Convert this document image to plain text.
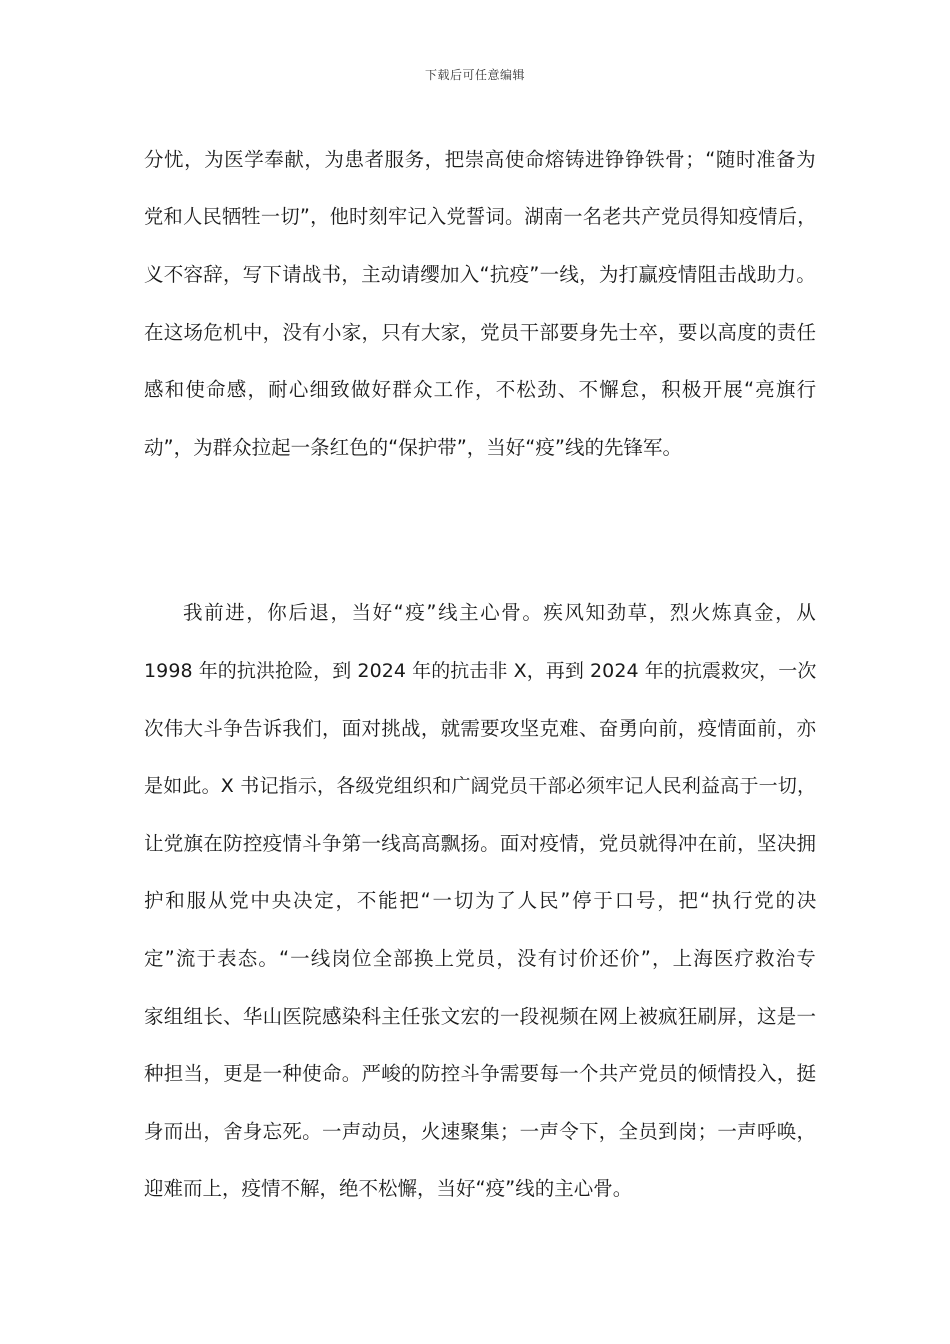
下载后可任意编辑
分忧，为医学奉献，为患者服务，把崇高使命熔铸进铮铮铁骨；“随时准备为
党和人民牺牲一切”，他时刻牢记入党誓词。湖南一名老共产党员得知疫情后，
义不容辞，写下请战书，主动请缨加入“抗疫”一线，为打赢疫情阻击战助力。
在这场危机中，没有小家，只有大家，党员干部要身先士卒，要以高度的责任
感和使命感，耐心细致做好群众工作，不松劲、不懈怠，积极开展“亮旗行
动”，为群众拉起一条红色的“保护带”，当好“疫”线的先锋军。
我前进，你后退，当好“疫”线主心骨。疾风知劲草，烈火炼真金，从
1998 年的抗洪抢险，到 2024 年的抗击非 X，再到 2024 年的抗震救灾，一次
次伟大斗争告诉我们，面对挑战，就需要攻坚克难、奋勇向前，疫情面前，亦
是如此。X 书记指示，各级党组织和广阔党员干部必须牢记人民利益高于一切，
让党旗在防控疫情斗争第一线高高飘扬。面对疫情，党员就得冲在前，坚决拥
护和服从党中央决定，不能把“一切为了人民”停于口号，把“执行党的决
定”流于表态。“一线岗位全部换上党员，没有讨价还价”，上海医疗救治专
家组组长、华山医院感染科主任张文宏的一段视频在网上被疯狂刷屏，这是一
种担当，更是一种使命。严峻的防控斗争需要每一个共产党员的倾情投入，挺
身而出，舍身忘死。一声动员，火速聚集；一声令下，全员到岗；一声呼唤，
迎难而上，疫情不解，绝不松懈，当好“疫”线的主心骨。
